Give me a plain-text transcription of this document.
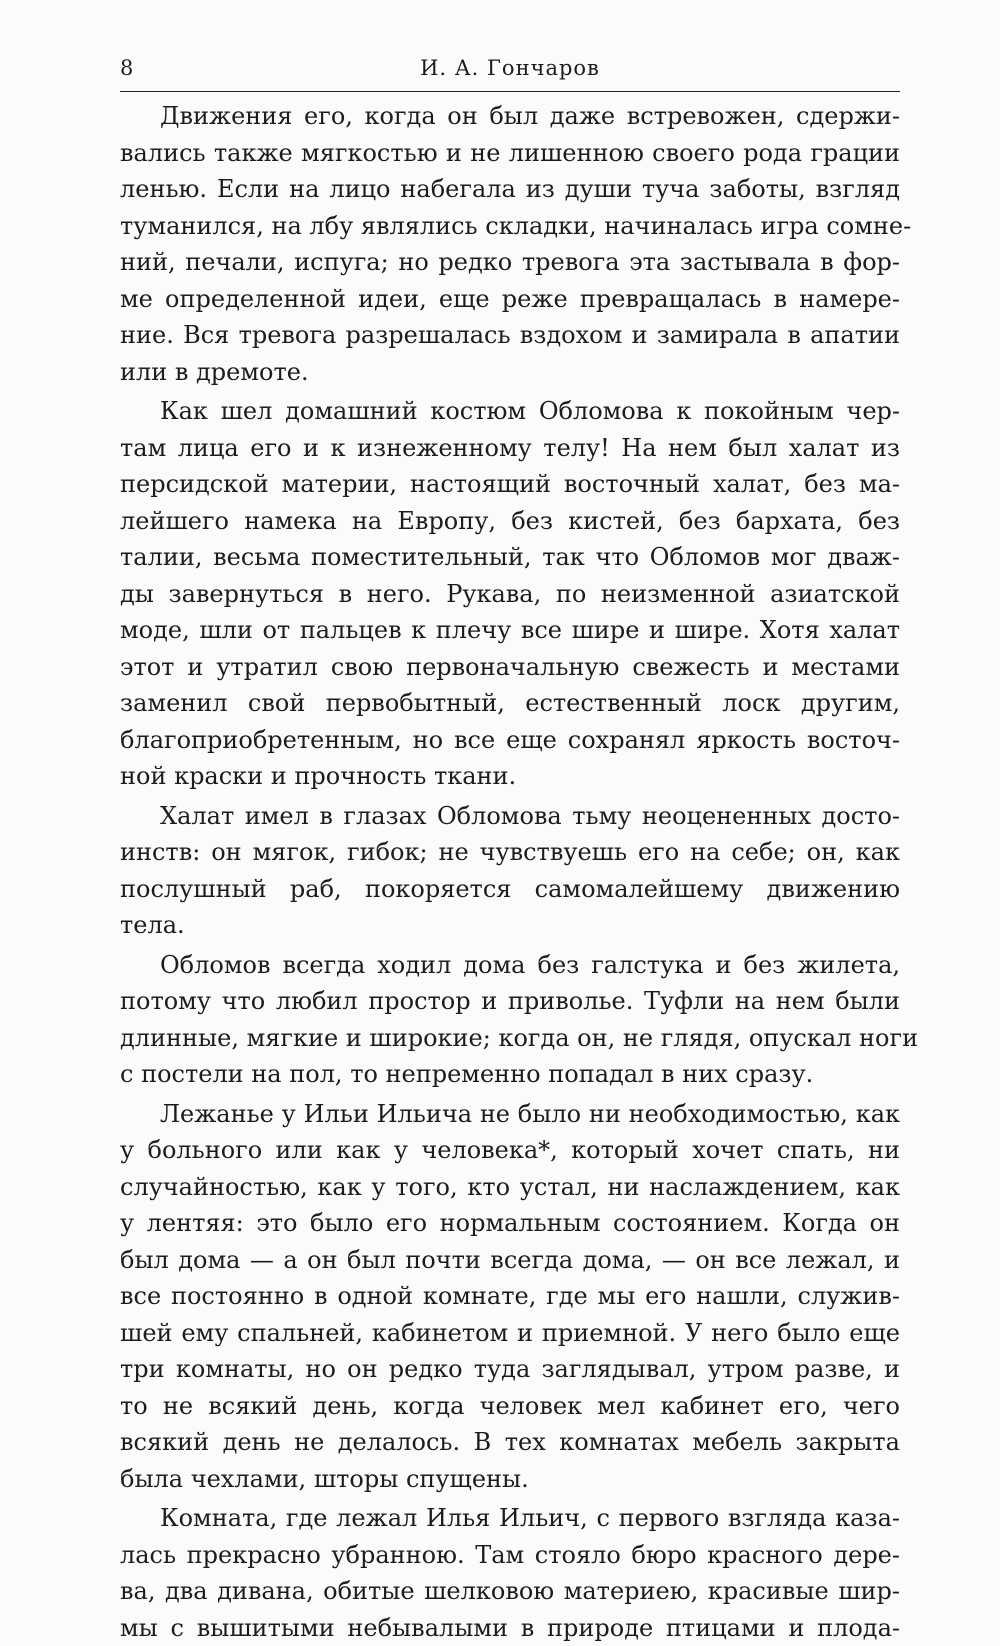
8	И. А. Гончаров

Движения его, когда он был даже встревожен, сдержи-
вались также мягкостью и не лишенною своего рода грации
ленью. Если на лицо набегала из души туча заботы, взгляд
туманился, на лбу являлись складки, начиналась игра сомне-
ний, печали, испуга; но редко тревога эта застывала в фор-
ме определенной идеи, еще реже превращалась в намере-
ние. Вся тревога разрешалась вздохом и замирала в апатии
или в дремоте.

Как шел домашний костюм Обломова к покойным чер-
там лица его и к изнеженному телу! На нем был халат из
персидской материи, настоящий восточный халат, без ма-
лейшего намека на Европу, без кистей, без бархата, без
талии, весьма поместительный, так что Обломов мог дваж-
ды завернуться в него. Рукава, по неизменной азиатской
моде, шли от пальцев к плечу все шире и шире. Хотя халат
этот и утратил свою первоначальную свежесть и местами
заменил свой первобытный, естественный лоск другим,
благоприобретенным, но все еще сохранял яркость восточ-
ной краски и прочность ткани.

Халат имел в глазах Обломова тьму неоцененных досто-
инств: он мягок, гибок; не чувствуешь его на себе; он, как
послушный раб, покоряется самомалейшему движению
тела.

Обломов всегда ходил дома без галстука и без жилета,
потому что любил простор и приволье. Туфли на нем были
длинные, мягкие и широкие; когда он, не глядя, опускал ноги
с постели на пол, то непременно попадал в них сразу.

Лежанье у Ильи Ильича не было ни необходимостью, как
у больного или как у человека*, который хочет спать, ни
случайностью, как у того, кто устал, ни наслаждением, как
у лентяя: это было его нормальным состоянием. Когда он
был дома — а он был почти всегда дома, — он все лежал, и
все постоянно в одной комнате, где мы его нашли, служив-
шей ему спальней, кабинетом и приемной. У него было еще
три комнаты, но он редко туда заглядывал, утром разве, и
то не всякий день, когда человек мел кабинет его, чего
всякий день не делалось. В тех комнатах мебель закрыта
была чехлами, шторы спущены.

Комната, где лежал Илья Ильич, с первого взгляда каза-
лась прекрасно убранною. Там стояло бюро красного дере-
ва, два дивана, обитые шелковою материею, красивые шир-
мы с вышитыми небывалыми в природе птицами и плода-
